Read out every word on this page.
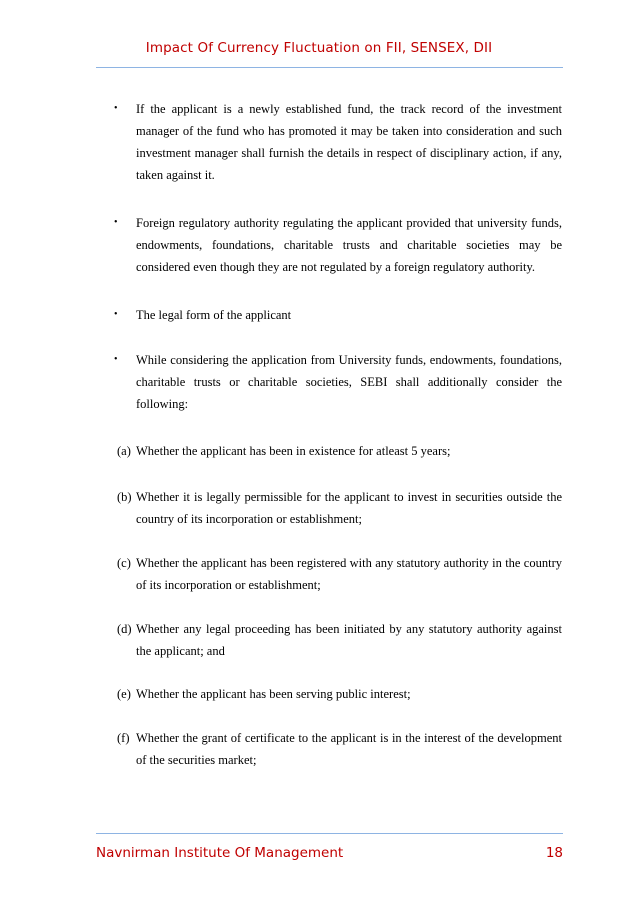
Impact Of Currency Fluctuation on FII, SENSEX, DII
• If the applicant is a newly established fund, the track record of the investment manager of the fund who has promoted it may be taken into consideration and such investment manager shall furnish the details in respect of disciplinary action, if any, taken against it.
• Foreign regulatory authority regulating the applicant provided that university funds, endowments, foundations, charitable trusts and charitable societies may be considered even though they are not regulated by a foreign regulatory authority.
• The legal form of the applicant
• While considering the application from University funds, endowments, foundations, charitable trusts or charitable societies, SEBI shall additionally consider the following:
(a) Whether the applicant has been in existence for atleast 5 years;
(b) Whether it is legally permissible for the applicant to invest in securities outside the country of its incorporation or establishment;
(c) Whether the applicant has been registered with any statutory authority in the country of its incorporation or establishment;
(d) Whether any legal proceeding has been initiated by any statutory authority against the applicant; and
(e) Whether the applicant has been serving public interest;
(f) Whether the grant of certificate to the applicant is in the interest of the development of the securities market;
Navnirman Institute Of Management	18
